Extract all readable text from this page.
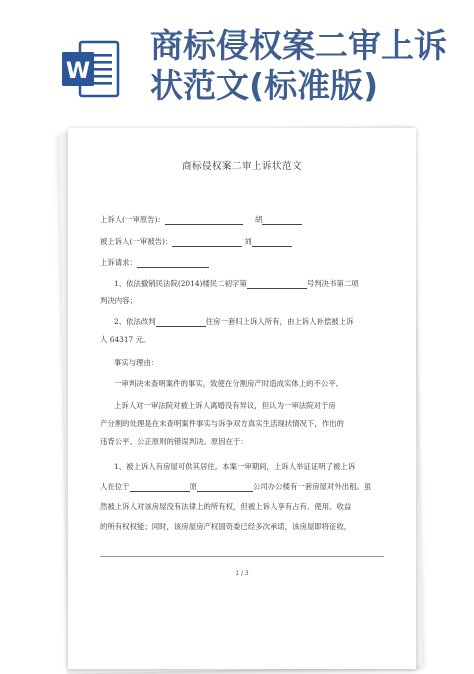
W
商标侵权案二审上诉状范文(标准版)
商标侵权案二审上诉状范文
上诉人(一审原告)：	胡
被上诉人(一审被告)：	刘
上诉请求：
1、依法撤销民法院(2014)楼民二初字第	号判决书第二项
判决内容；
2、依法改判	住房一套归上诉人所有，由上诉人补偿被上诉
人 64317 元。
事实与理由：
一审判决未查明案件的事实，致使在分割房产时造成实体上的不公平。
上诉人对一审法院对被上诉人离婚没有异议，但认为一审法院对于房
产分割的处理是在未查明案件事实与诉争双方真实生活现状情况下，作出的
违背公平、公正原则的错误判决。原因在于：
1、被上诉人有房屋可供其居住。本案一审期间，上诉人举证证明了被上诉
人在位于	原	公司办公楼有一套房屋对外出租。虽
然被上诉人对该房屋没有法律上的所有权，但被上诉人享有占有、使用、收益
的所有权权能；同时，该房屋房产权国资委已经多次承诺，该房屋即将征收，
1 / 3
